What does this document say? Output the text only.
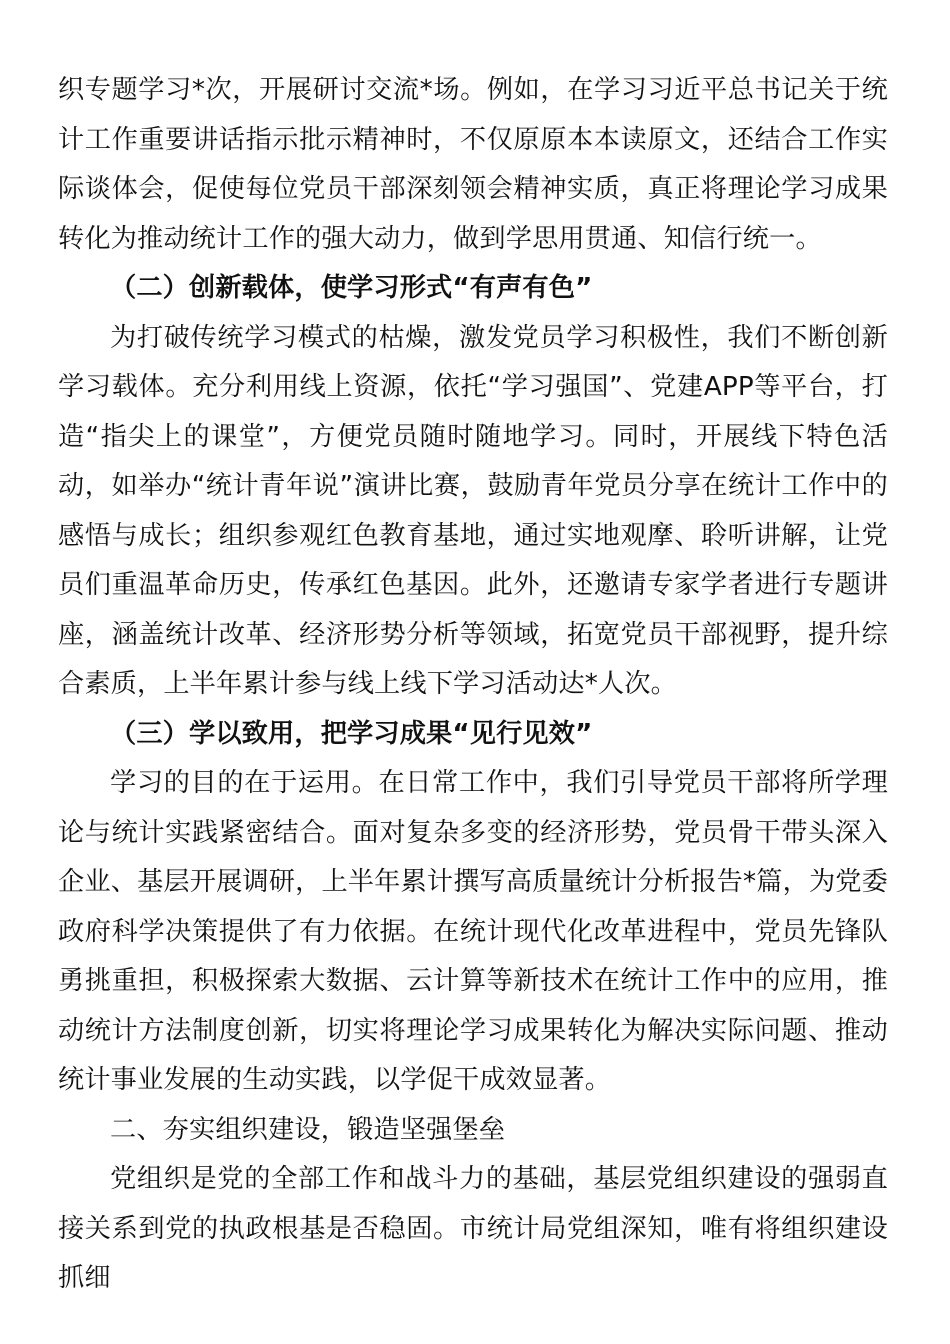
织专题学习*次，开展研讨交流*场。例如，在学习习近平总书记关于统计工作重要讲话指示批示精神时，不仅原原本本读原文，还结合工作实际谈体会，促使每位党员干部深刻领会精神实质，真正将理论学习成果转化为推动统计工作的强大动力，做到学思用贯通、知信行统一。

（二）创新载体，使学习形式“有声有色”

为打破传统学习模式的枯燥，激发党员学习积极性，我们不断创新学习载体。充分利用线上资源，依托“学习强国”、党建APP等平台，打造“指尖上的课堂”，方便党员随时随地学习。同时，开展线下特色活动，如举办“统计青年说”演讲比赛，鼓励青年党员分享在统计工作中的感悟与成长；组织参观红色教育基地，通过实地观摩、聆听讲解，让党员们重温革命历史，传承红色基因。此外，还邀请专家学者进行专题讲座，涵盖统计改革、经济形势分析等领域，拓宽党员干部视野，提升综合素质，上半年累计参与线上线下学习活动达*人次。

（三）学以致用，把学习成果“见行见效”

学习的目的在于运用。在日常工作中，我们引导党员干部将所学理论与统计实践紧密结合。面对复杂多变的经济形势，党员骨干带头深入企业、基层开展调研，上半年累计撰写高质量统计分析报告*篇，为党委政府科学决策提供了有力依据。在统计现代化改革进程中，党员先锋队勇挑重担，积极探索大数据、云计算等新技术在统计工作中的应用，推动统计方法制度创新，切实将理论学习成果转化为解决实际问题、推动统计事业发展的生动实践，以学促干成效显著。

二、夯实组织建设，锻造坚强堡垒

党组织是党的全部工作和战斗力的基础，基层党组织建设的强弱直接关系到党的执政根基是否稳固。市统计局党组深知，唯有将组织建设抓细
